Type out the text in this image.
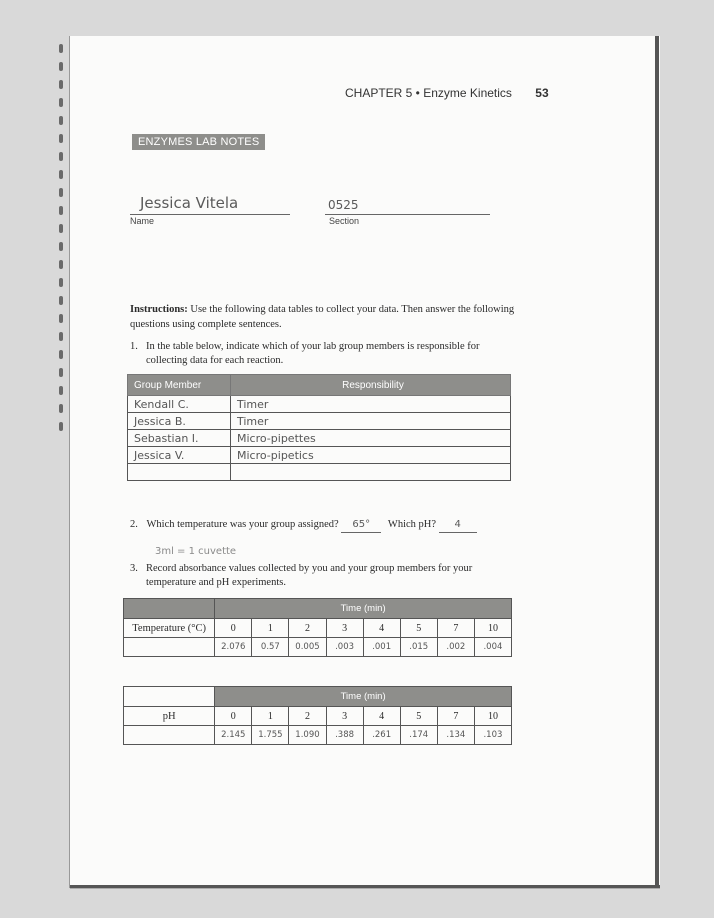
CHAPTER 5 • Enzyme Kinetics 53
ENZYMES LAB NOTES
Jessica Vitela
Name
0525
Section
Instructions: Use the following data tables to collect your data. Then answer the following questions using complete sentences.
1. In the table below, indicate which of your lab group members is responsible for collecting data for each reaction.
Group Member	Responsibility
Kendall C.	Timer
Jessica B.	Timer
Sebastian I.	Micro-pipettes
Jessica V.	Micro-pipetics

2. Which temperature was your group assigned? 65° Which pH? 4
3ml = 1 cuvette
3. Record absorbance values collected by you and your group members for your temperature and pH experiments.
	Time (min)							
Temperature (°C)	0	1	2	3	4	5	7	10
	2.076	0.57	0.005	.003	.001	.015	.002	.004
	Time (min)							
pH	0	1	2	3	4	5	7	10
	2.145	1.755	1.090	.388	.261	.174	.134	.103
